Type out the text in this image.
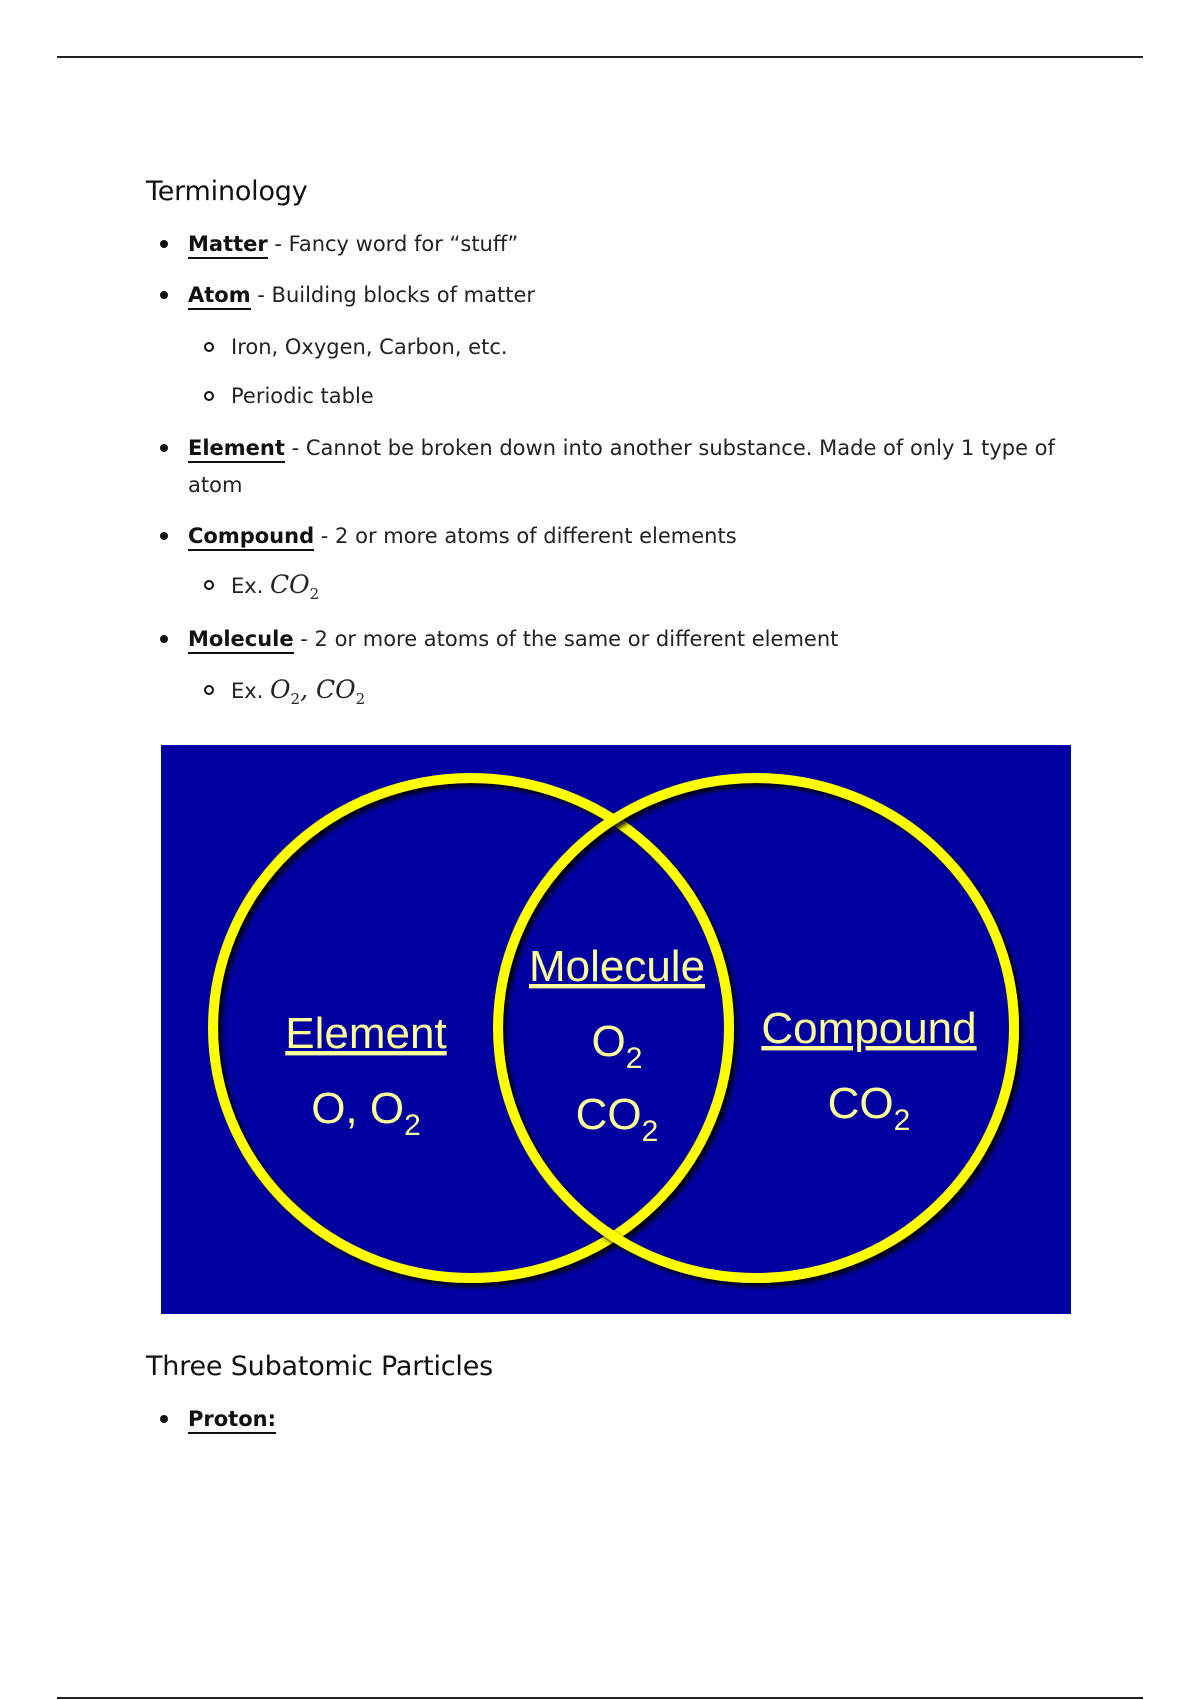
Terminology
Matter - Fancy word for “stuff”
Atom - Building blocks of matter
Iron, Oxygen, Carbon, etc.
Periodic table
Element - Cannot be broken down into another substance. Made of only 1 type of atom
Compound - 2 or more atoms of different elements
Ex. $CO_2$
Molecule - 2 or more atoms of the same or different element
Ex. $O_2$, $CO_2$
Three Subatomic Particles
Proton:
Element
O, $O_2$
Molecule
$O_2$
$CO_2$
Compound
$CO_2$
